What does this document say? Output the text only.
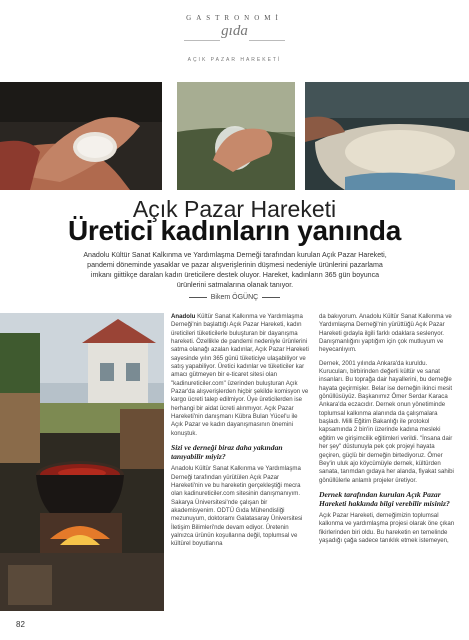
GASTRONOMİ
gıda
AÇIK PAZAR HAREKETİ
Açık Pazar Hareketi
Üretici kadınların yanında
Anadolu Kültür Sanat Kalkınma ve Yardımlaşma Derneği tarafından kurulan Açık Pazar Hareketi, pandemi döneminde yasaklar ve pazar alışverişlerinin düşmesi nedeniyle ürünlerini pazarlama imkanı giittikçe daralan kadın üreticilere destek oluyor. Hareket, kadınların 365 gün boyunca ürünlerini satmalarına olanak tanıyor.
Bikem ÖGÜNÇ

Anadolu Kültür Sanat Kalkınma ve Yardımlaşma Derneği'nin başlattığı Açık Pazar Hareketi, kadın üreticileri tüketicilerle buluşturan bir dayanışma hareketi. Özellikle de pandemi nedeniyle ürünlerini satma olanağı azalan kadınlar, Açık Pazar Hareketi sayesinde yılın 365 günü tüketiciye ulaşabiliyor ve satış yapabiliyor. Üretici kadınlar ve tüketiciler kar amacı gütmeyen bir e-ticaret sitesi olan "kadinureticiler.com" üzerinden buluşturan Açık Pazar'da alışverişlerden hiçbir şekilde komisyon ve kargo ücreti talep edilmiyor. Üye üreticilerden ise herhangi bir aidat ücreti alınmıyor. Açık Pazar Hareketi'nin danışmanı Kübra Bulan Yücel'u ile Açık Pazar ve kadın dayanışmasının önemini konuştuk.

Sizi ve derneği biraz daha yakından tanıyabilir miyiz?

Anadolu Kültür Sanat Kalkınma ve Yardımlaşma Derneği tarafından yürütülen Açık Pazar Hareketi'nin ve bu hareketin gerçekleştiği mecra olan kadinureticiler.com sitesinin danışmanıyım. Sakarya Üniversitesi'nde çalışan bir akademisyenim. ODTÜ Gıda Mühendisliği mezunuyum, doktoramı Galatasaray Üniversitesi İletişim Bilimleri'nde devam ediyor. Üretenin yalnızca ürünün koşullarına değil, toplumsal ve kültürel boyutlarına

da bakıyorum. Anadolu Kültür Sanat Kalkınma ve Yardımlaşma Derneği'nin yürüttüğü Açık Pazar Hareketi gıdayla ilgili farklı odaklara seslenyor. Danışmanlığını yaptığım için çok mutluyum ve heyecanlıyım.

Dernek, 2001 yılında Ankara'da kuruldu. Kurucuları, birbirinden değerli kültür ve sanat insanları. Bu toprağa dair hayallerini, bu derneğle hayata geçirmişler. Belar ise derneğin ikinci mesit gönüllüsüyüz. Başkanımız Ömer Serdar Karaca Ankara'da eczacıdır. Dernek onun yönetiminde toplumsal kalkınma alanında da çalışmalara başladı. Milli Eğitim Bakanlığı ile protokol kapsamında 2 bin'in üzerinde kadına mesleki eğitim ve girişimcilik eğitimleri verildi. "İnsana dair her şey" düstunuyla pek çok projeyi hayata geçiren, güçlü bir derneğin birtediyoruz. Ömer Bey'in uluk ajo köycümüyle dernek, kültürden sanata, tarımdan gıdaya her alanda, fiyakat sahibi gönüllülerle anlamlı projeler üretiyor.

Dernek tarafından kurulan Açık Pazar Hareketi hakkında bilgi verebilir misiniz?

Açık Pazar Hareketi, derneğimizin toplumsal kalkınma ve yardımlaşma projesi olarak öne çıkan fikirlerinden biri oldu. Bu hareketin en temelinde yaşadığı çağa sadece tanıklık etmek istemeyen,

82
